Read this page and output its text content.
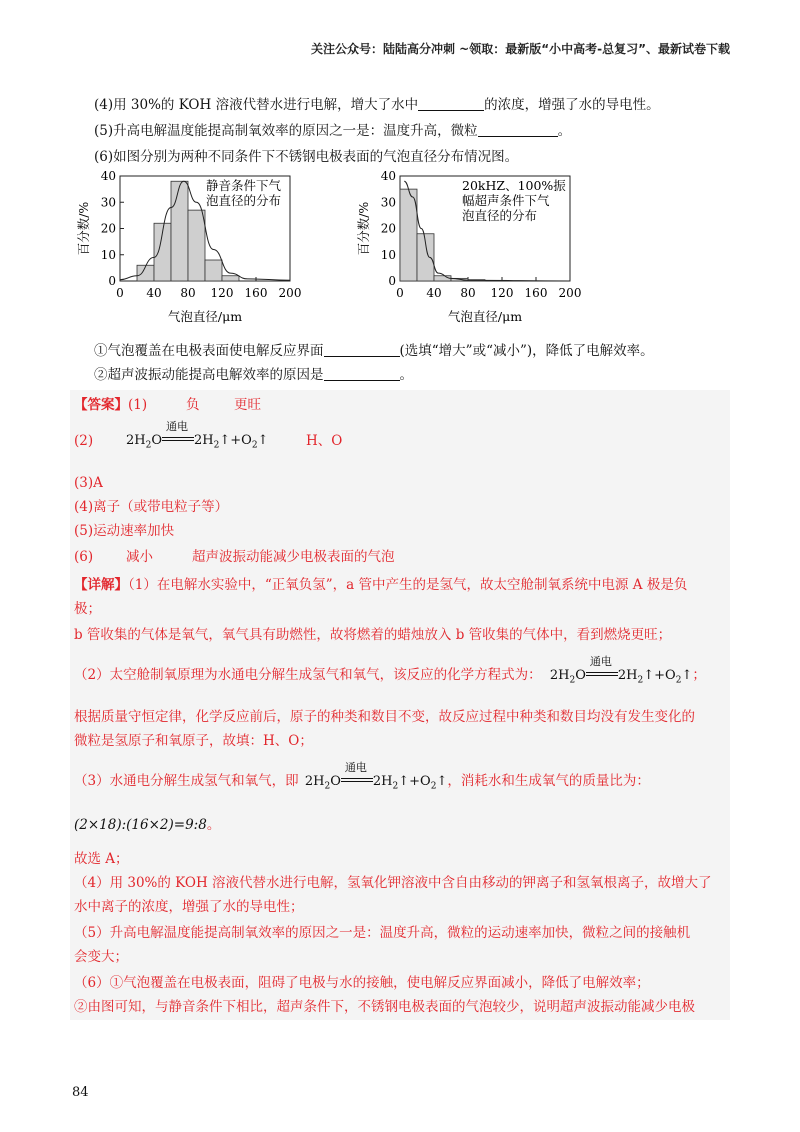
关注公众号：陆陆高分冲刺 ~领取：最新版“小中高考-总复习”、最新试卷下载
(4)用 30%的 KOH 溶液代替水进行电解，增大了水中	的浓度，增强了水的导电性。
(5)升高电解温度能提高制氧效率的原因之一是：温度升高，微粒	。
(6)如图分别为两种不同条件下不锈钢电极表面的气泡直径分布情况图。
0
10
20
30
40
0 40 80 120 160 200
静音条件下气
泡直径的分布
气泡直径/μm
百分数/%
0
10
20
30
40
0 40 80 120 160 200
20kHZ、100%振
幅超声条件下气
泡直径的分布
气泡直径/μm
百分数/%
①气泡覆盖在电极表面使电解反应界面	(选填“增大”或“减小”)，降低了电解效率。
②超声波振动能提高电解效率的原因是	。
【答案】(1)	负	更旺
(2)	$2H_2O$
通电
$2H_2↑+O_2↑$	H、O
(3)A
(4)离子（或带电粒子等）
(5)运动速率加快
(6) 减小	超声波振动能减少电极表面的气泡
【详解】（1）在电解水实验中，“正氧负氢”，a 管中产生的是氢气，故太空舱制氧系统中电源 A 极是负
极；
b 管收集的气体是氧气，氧气具有助燃性，故将燃着的蜡烛放入 b 管收集的气体中，看到燃烧更旺；
（2）太空舱制氧原理为水通电分解生成氢气和氧气，该反应的化学方程式为： $2H_2O$
通电
$2H_2↑+O_2↑$；
根据质量守恒定律，化学反应前后，原子的种类和数目不变，故反应过程中种类和数目均没有发生变化的
微粒是氢原子和氧原子，故填：H、O；
（3）水通电分解生成氢气和氧气，即 $2H_2O$
通电
$2H_2↑+O_2↑$，消耗水和生成氧气的质量比为：
(2×18):(16×2)=9:8。
故选 A；
（4）用 30%的 KOH 溶液代替水进行电解，氢氧化钾溶液中含自由移动的钾离子和氢氧根离子，故增大了
水中离子的浓度，增强了水的导电性；
（5）升高电解温度能提高制氧效率的原因之一是：温度升高，微粒的运动速率加快，微粒之间的接触机
会变大；
（6）①气泡覆盖在电极表面，阻碍了电极与水的接触，使电解反应界面减小，降低了电解效率；
②由图可知，与静音条件下相比，超声条件下，不锈钢电极表面的气泡较少，说明超声波振动能减少电极
84
